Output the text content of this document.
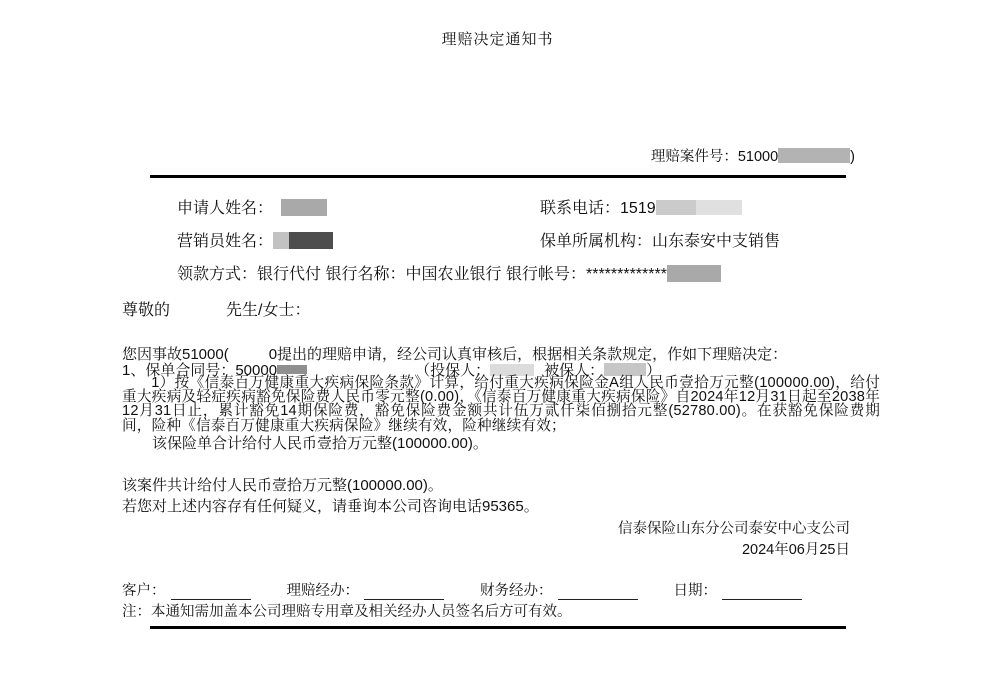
理赔决定通知书
理赔案件号：51000	)
申请人姓名：	联系电话：1519
营销员姓名：	保单所属机构：山东泰安中支销售
领款方式：银行代付 银行名称：中国农业银行 银行帐号：*************
尊敬的	先生/女士：
您因事故51000(	0提出的理赔申请，经公司认真审核后，根据相关条款规定，作如下理赔决定：
1、保单合同号：50000	（投保人：	被保人：	）
1）按《信泰百万健康重大疾病保险条款》计算，给付重大疾病保险金A组人民币壹拾万元整(100000.00)，给付重大疾病及轻症疾病豁免保险费人民币零元整(0.00)，《信泰百万健康重大疾病保险》自2024年12月31日起至2038年12月31日止，累计豁免14期保险费，豁免保险费金额共计伍万贰仟柒佰捌拾元整(52780.00)。在获豁免保险费期间，险种《信泰百万健康重大疾病保险》继续有效，险种继续有效；
该保险单合计给付人民币壹拾万元整(100000.00)。
该案件共计给付人民币壹拾万元整(100000.00)。
若您对上述内容存有任何疑义，请垂询本公司咨询电话95365。
信泰保险山东分公司泰安中心支公司
2024年06月25日
客户：	理赔经办：	财务经办：	日期：
注：本通知需加盖本公司理赔专用章及相关经办人员签名后方可有效。
